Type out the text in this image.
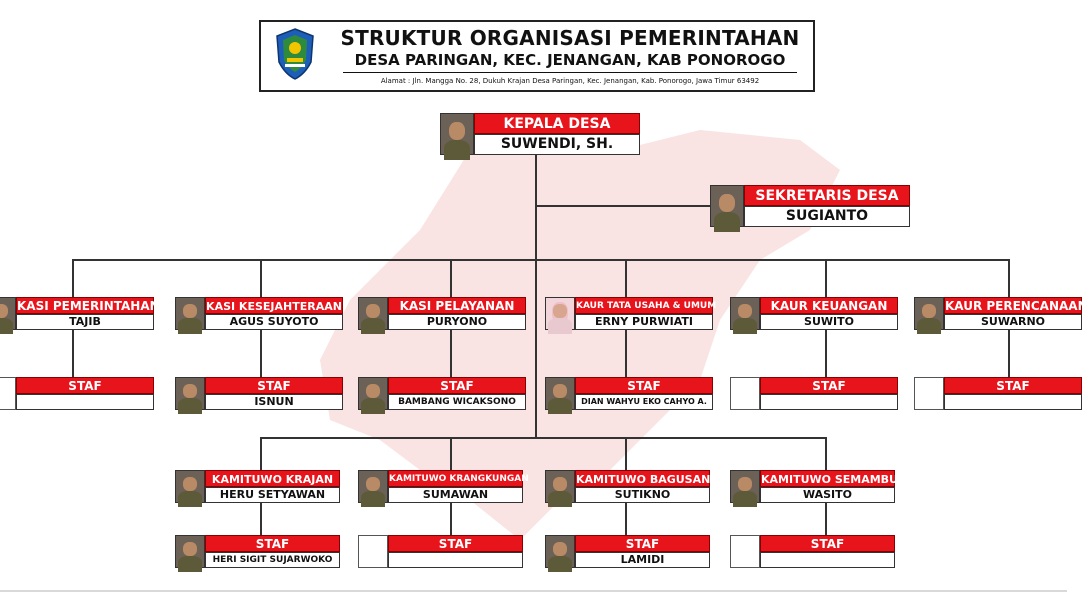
STRUKTUR ORGANISASI PEMERINTAHAN
DESA PARINGAN, KEC. JENANGAN, KAB PONOROGO
Alamat : Jln. Mangga No. 28, Dukuh Krajan Desa Paringan, Kec. Jenangan, Kab. Ponorogo, Jawa Timur 63492
KEPALA DESA
SUWENDI, SH.
SEKRETARIS DESA
SUGIANTO
KASI PEMERINTAHAN
TAJIB
KASI KESEJAHTERAAN
AGUS SUYOTO
KASI PELAYANAN
PURYONO
KAUR TATA USAHA & UMUM
ERNY PURWIATI
KAUR KEUANGAN
SUWITO
KAUR PERENCANAAN
SUWARNO
STAF	STAF
ISNUN
STAF
BAMBANG WICAKSONO
STAF
DIAN WAHYU EKO CAHYO A.
STAF	STAF
KAMITUWO KRAJAN
HERU SETYAWAN
KAMITUWO KRANGKUNGAN
SUMAWAN
KAMITUWO BAGUSAN
SUTIKNO
KAMITUWO SEMAMBU
WASITO
STAF
HERI SIGIT SUJARWOKO
STAF	STAF
LAMIDI
STAF
